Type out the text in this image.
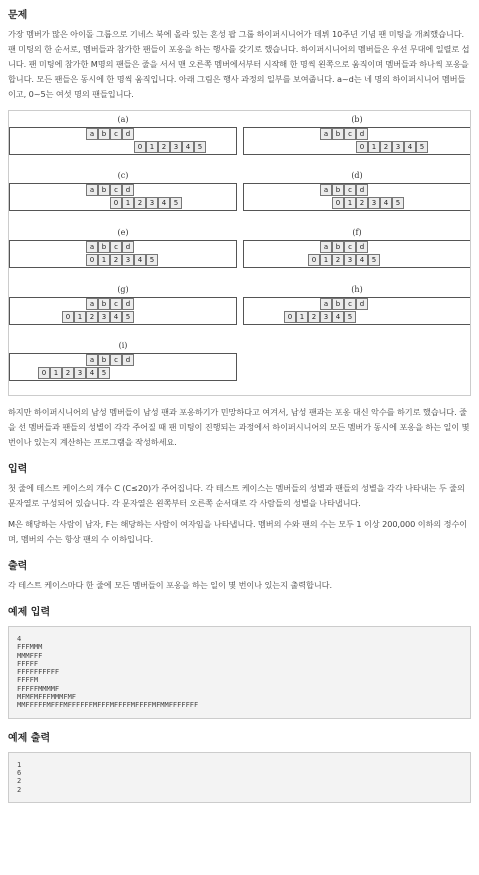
문제

가장 멤버가 많은 아이돌 그룹으로 기네스 북에 올라 있는 혼성 팝 그룹 하이퍼시니어가 데뷔 10주년 기념 팬 미팅을 개최했습니다. 팬 미팅의 한 순서로, 멤버들과 참가한 팬들이 포옹을 하는 행사를 갖기로 했습니다. 하이퍼시니어의 멤버들은 우선 무대에 일렬로 섭니다. 팬 미팅에 참가한 M명의 팬들은 줄을 서서 맨 오른쪽 멤버에서부터 시작해 한 명씩 왼쪽으로 움직이며 멤버들과 하나씩 포옹을 합니다. 모든 팬들은 동시에 한 명씩 움직입니다. 아래 그림은 행사 과정의 일부를 보여줍니다. a~d는 네 명의 하이퍼시니어 멤버들이고, 0~5는 여섯 명의 팬들입니다.

(a)
a	b	c	d
0	1	2	3	4	5
(b)
a	b	c	d
0	1	2	3	4	5
(c)
a	b	c	d
0	1	2	3	4	5
(d)
a	b	c	d
0	1	2	3	4	5
(e)
a	b	c	d
0	1	2	3	4	5
(f)
a	b	c	d
0	1	2	3	4	5
(g)
a	b	c	d
0	1	2	3	4	5
(h)
a	b	c	d
0	1	2	3	4	5
(i)
a	b	c	d
0	1	2	3	4	5

하지만 하이퍼시니어의 남성 멤버들이 남성 팬과 포옹하기가 민망하다고 여겨서, 남성 팬과는 포옹 대신 악수를 하기로 했습니다. 줄을 선 멤버들과 팬들의 성별이 각각 주어질 때 팬 미팅이 진행되는 과정에서 하이퍼시니어의 모든 멤버가 동시에 포옹을 하는 일이 몇 번이나 있는지 계산하는 프로그램을 작성하세요.

입력

첫 줄에 테스트 케이스의 개수 C (C≤20)가 주어집니다. 각 테스트 케이스는 멤버들의 성별과 팬들의 성별을 각각 나타내는 두 줄의 문자열로 구성되어 있습니다. 각 문자열은 왼쪽부터 오른쪽 순서대로 각 사람들의 성별을 나타냅니다.

M은 해당하는 사람이 남자, F는 해당하는 사람이 여자임을 나타냅니다. 멤버의 수와 팬의 수는 모두 1 이상 200,000 이하의 정수이며, 멤버의 수는 항상 팬의 수 이하입니다.

출력

각 테스트 케이스마다 한 줄에 모든 멤버들이 포옹을 하는 일이 몇 번이나 있는지 출력합니다.

예제 입력
4
FFFMMM
MMMFFF
FFFFF
FFFFFFFFFF
FFFFM
FFFFFMMMMF
MFMFMFFFMMMFMF
MMFFFFFMFFFMFFFFFFMFFFMFFFFMFFFFMFMMFFFFFFF
예제 출력
1
6
2
2
